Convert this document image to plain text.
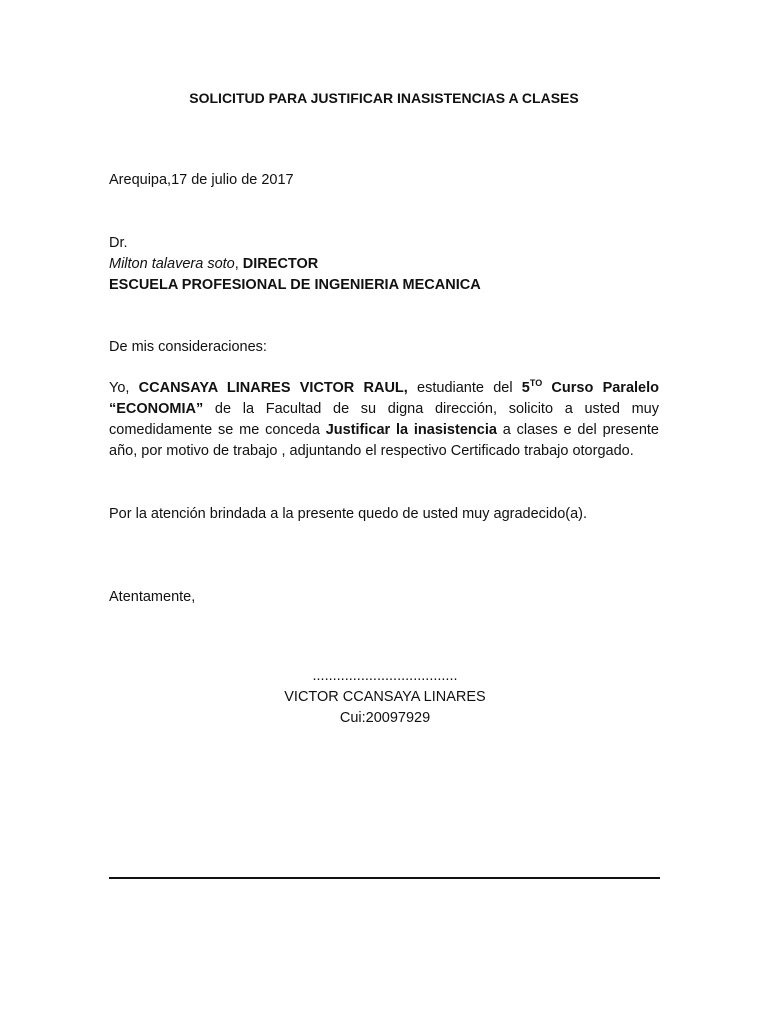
SOLICITUD PARA JUSTIFICAR INASISTENCIAS A CLASES
Arequipa,17 de julio de 2017
Dr.
Milton talavera soto, DIRECTOR
ESCUELA PROFESIONAL DE INGENIERIA MECANICA
De mis consideraciones:
Yo, CCANSAYA LINARES VICTOR RAUL, estudiante del $5^{TO}$ Curso Paralelo “ECONOMIA” de la Facultad de su digna dirección, solicito a usted muy comedidamente se me conceda Justificar la inasistencia a clases e del presente año, por motivo de trabajo , adjuntando el respectivo Certificado trabajo otorgado.
Por la atención brindada a la presente quedo de usted muy agradecido(a).
Atentamente,
....................................
VICTOR CCANSAYA LINARES
Cui:20097929
